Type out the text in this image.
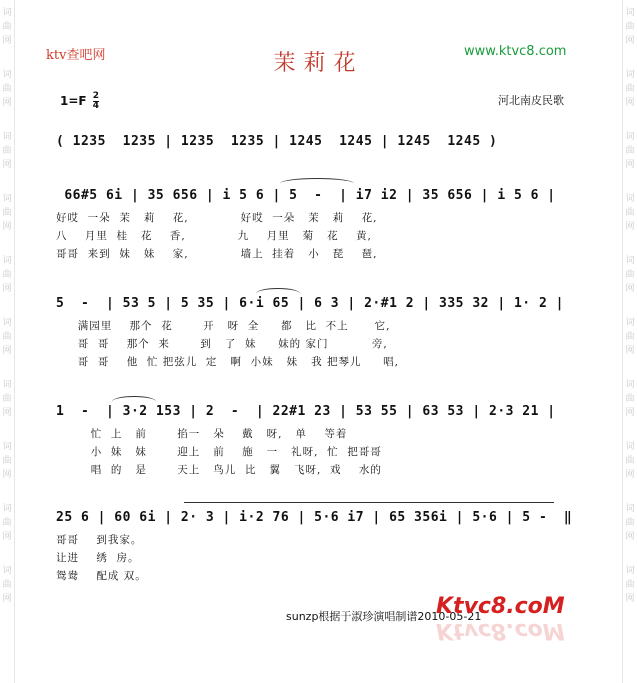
词
曲
网
词
曲
网
词
曲
网
词
曲
网
词
曲
网
词
曲
网
词
曲
网
词
曲
网
词
曲
网
词
曲
网
词
曲
网
词
曲
网
词
曲
网
词
曲
网
词
曲
网
词
曲
网
词
曲
网
词
曲
网
词
曲
网
词
曲
网
ktv查吧网	茉莉花	www.ktvc8.com
$1=F \frac{2}{4}$	河北南皮民歌
( 1235  1235 | 1235  1235 | 1245  1245 | 1245  1245 )
66#5 6i | 35 656 | i 5 6 | 5  -  | i7 i2 | 35 656 | i 5 6 |
好哎  一朵  茉   莉    花,            好哎  一朵   茉   莉    花,
八    月里  桂   花    香,            九    月里   菊   花    黄,
哥哥  来到  妹   妹    家,            墙上  挂着   小   琵    琶,
5  -  | 53 5 | 5 35 | 6·i 65 | 6 3 | 2·#1 2 | 335 32 | 1· 2 |
满园里    那个  花       开   呀  全     都   比  不上      它,
哥  哥    那个  来       到   了  妹     妹的 家门          旁,
哥  哥    他  忙 把弦儿  定   啊  小妹   妹   我 把琴儿     唱,
1  -  | 3·2 153 | 2  -  | 22#1 23 | 53 55 | 63 53 | 2·3 21 |
忙  上   前       掐一   朵    戴   呀,   单    等着
小  妹   妹       迎上   前    施   一   礼呀,  忙  把哥哥
唱  的   是       天上   鸟儿  比   翼   飞呀,  戏    水的
25 6 | 60 6i | 2· 3 | i·2 76 | 5·6 i7 | 65 356i | 5·6 | 5 -  ‖
哥哥    到我家。
让进    绣  房。
鸳鸯    配成 双。
sunzp根据于淑珍演唱制谱2010-05-21
Ktvc8.coM
Ktvc8.coM
